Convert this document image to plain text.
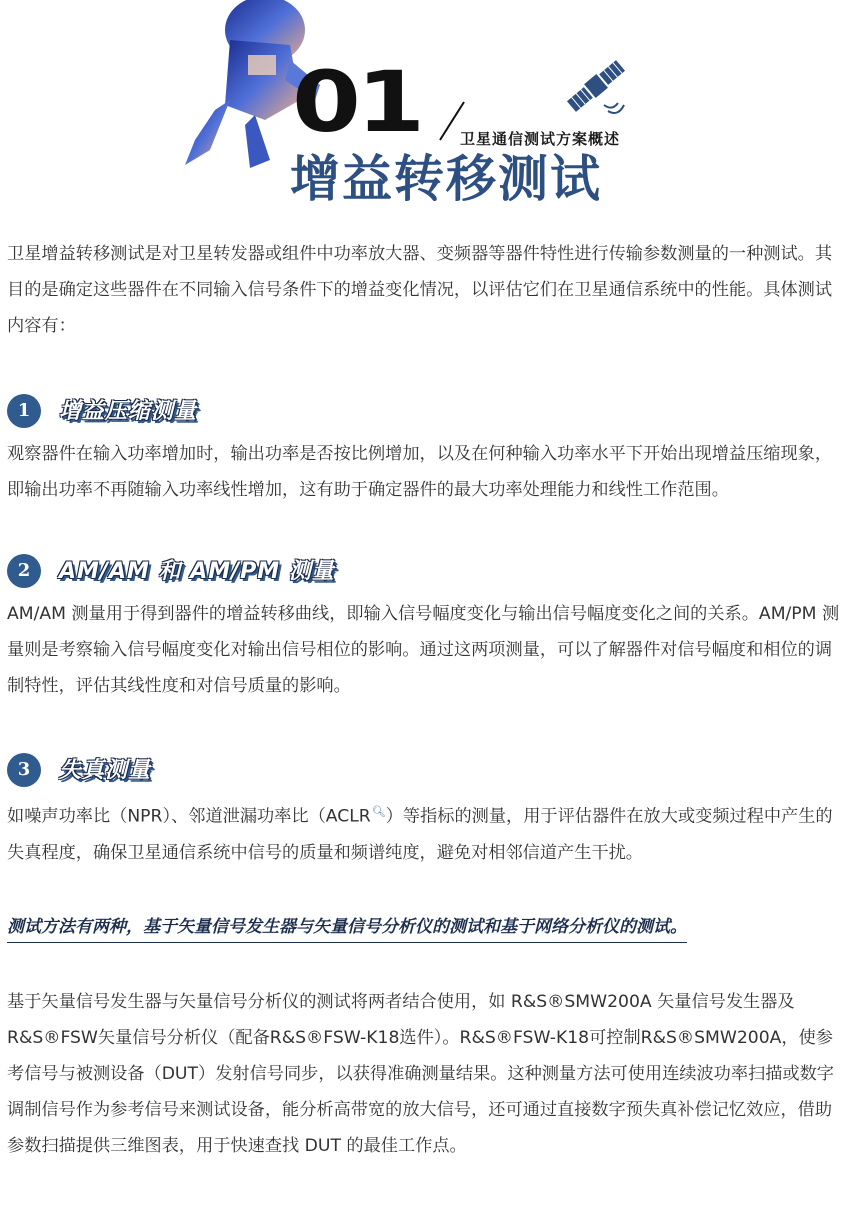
01	卫星通信测试方案概述
增益转移测试
卫星增益转移测试是对卫星转发器或组件中功率放大器、变频器等器件特性进行传输参数测量的一种测试。其目的是确定这些器件在不同输入信号条件下的增益变化情况，以评估它们在卫星通信系统中的性能。具体测试内容有：
1	增益压缩测量
观察器件在输入功率增加时，输出功率是否按比例增加，以及在何种输入功率水平下开始出现增益压缩现象，即输出功率不再随输入功率线性增加，这有助于确定器件的最大功率处理能力和线性工作范围。
2	AM/AM 和 AM/PM 测量
AM/AM 测量用于得到器件的增益转移曲线，即输入信号幅度变化与输出信号幅度变化之间的关系。AM/PM 测量则是考察输入信号幅度变化对输出信号相位的影响。通过这两项测量，可以了解器件对信号幅度和相位的调制特性，评估其线性度和对信号质量的影响。
3	失真测量
如噪声功率比（NPR）、邻道泄漏功率比（ACLR🔍︎）等指标的测量，用于评估器件在放大或变频过程中产生的失真程度，确保卫星通信系统中信号的质量和频谱纯度，避免对相邻信道产生干扰。
测试方法有两种，基于矢量信号发生器与矢量信号分析仪的测试和基于网络分析仪的测试。
基于矢量信号发生器与矢量信号分析仪的测试将两者结合使用，如 R&S®SMW200A 矢量信号发生器及R&S®FSW矢量信号分析仪（配备R&S®FSW-K18选件）。R&S®FSW-K18可控制R&S®SMW200A，使参考信号与被测设备（DUT）发射信号同步，以获得准确测量结果。这种测量方法可使用连续波功率扫描或数字调制信号作为参考信号来测试设备，能分析高带宽的放大信号，还可通过直接数字预失真补偿记忆效应，借助参数扫描提供三维图表，用于快速查找 DUT 的最佳工作点。
